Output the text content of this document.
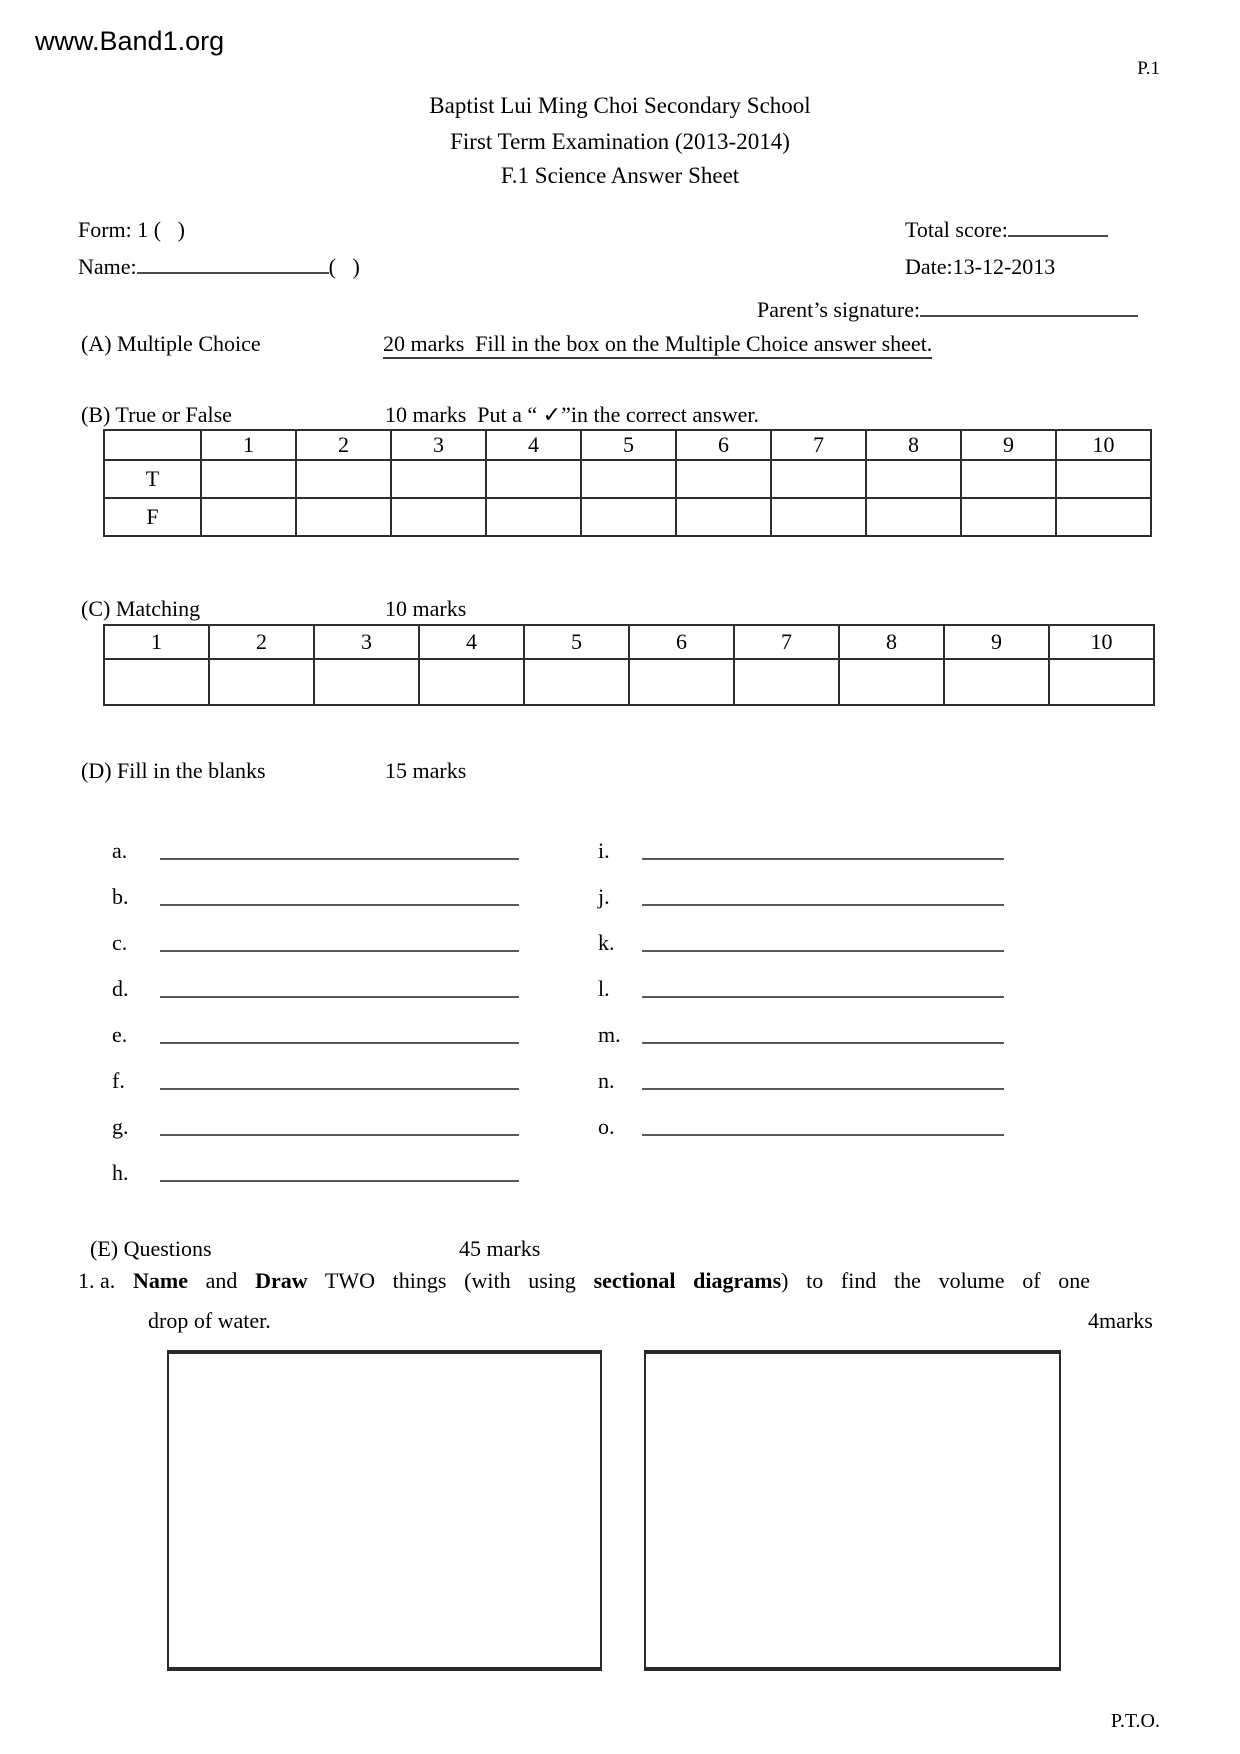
www.Band1.org
P.1
Baptist Lui Ming Choi Secondary School
First Term Examination (2013-2014)
F.1 Science Answer Sheet
Form: 1 (   )	Total score:
Name:	(   )	Date:13-12-2013
Parent’s signature:
(A) Multiple Choice	20 marks  Fill in the box on the Multiple Choice answer sheet.
(B) True or False	10 marks  Put a “ ✓”in the correct answer.
	1	2	3	4	5	6	7	8	9	10
T										
F										
(C) Matching	10 marks
1	2	3	4	5	6	7	8	9	10

(D) Fill in the blanks	15 marks
a.
b.
c.
d.
e.
f.
g.
h.
i.
j.
k.
l.
m.
n.
o.
(E) Questions	45 marks
1. a. Name and Draw TWO things (with using sectional diagrams) to find the volume of one
drop of water.	4marks
P.T.O.
